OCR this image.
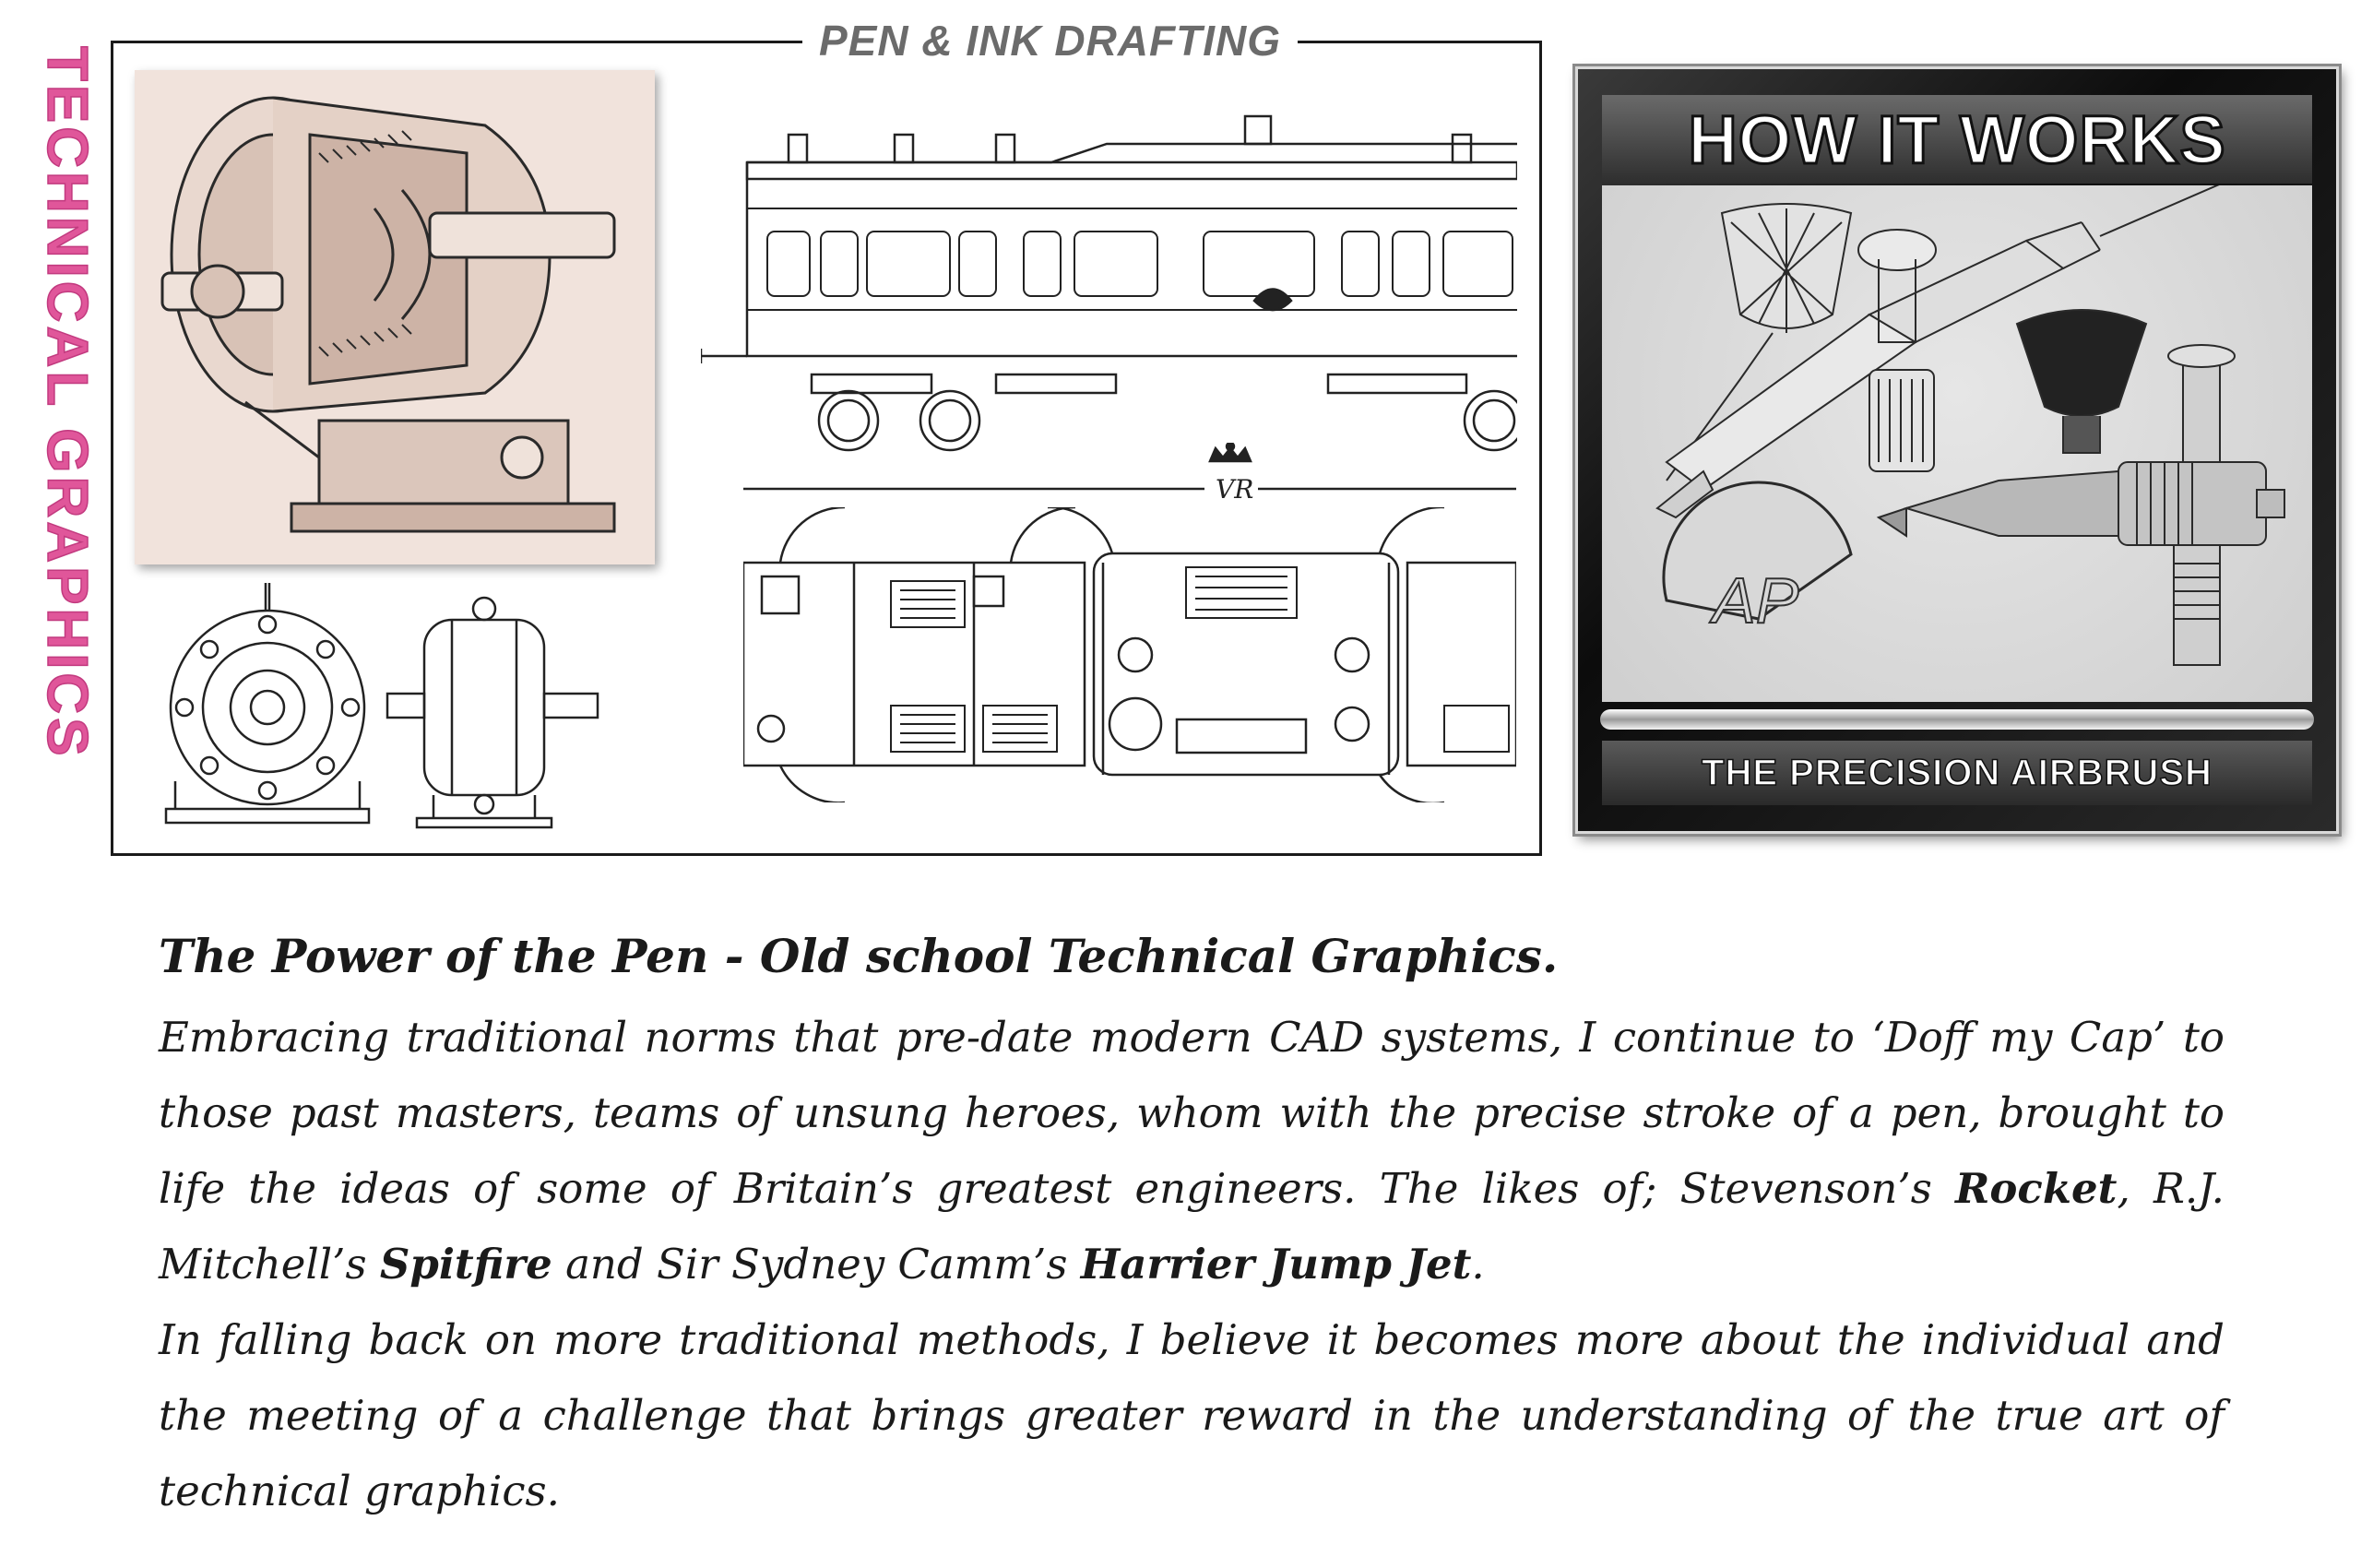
TECHNICAL GRAPHICS
PEN & INK DRAFTING
VR
HOW IT WORKS
AP
THE PRECISION AIRBRUSH
The Power of the Pen - Old school Technical Graphics.

Embracing traditional norms that pre-date modern CAD systems, I continue to ‘Doff my Cap’ to those past masters, teams of unsung heroes, whom with the precise stroke of a pen, brought to life the ideas of some of Britain’s greatest engineers. The likes of; Stevenson’s Rocket, R.J. Mitchell’s Spitfire and Sir Sydney Camm’s Harrier Jump Jet.

In falling back on more traditional methods, I believe it becomes more about the individual and the meeting of a challenge that brings greater reward in the understanding of the true art of technical graphics.
